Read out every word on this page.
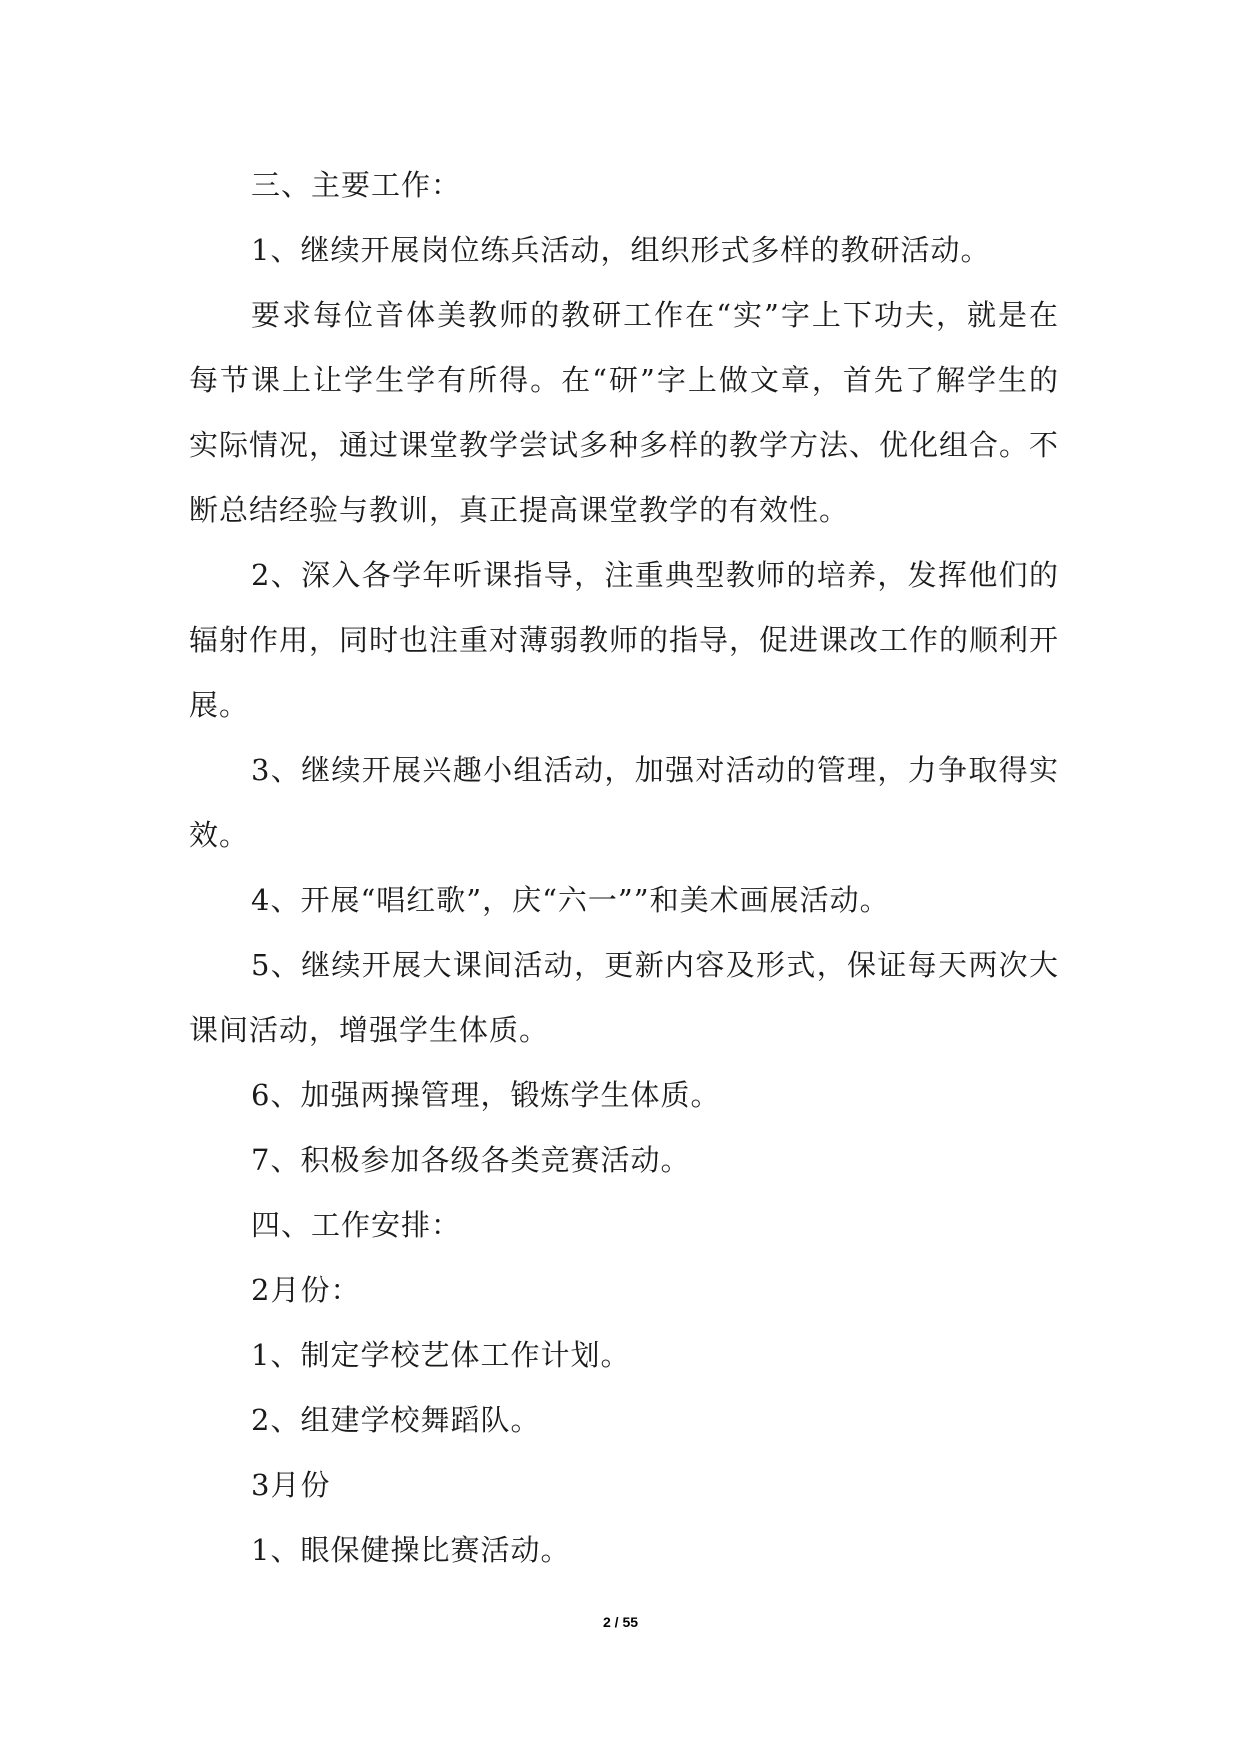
三、主要工作：

1、继续开展岗位练兵活动，组织形式多样的教研活动。

要求每位音体美教师的教研工作在“实”字上下功夫，就是在每节课上让学生学有所得。在“研”字上做文章，首先了解学生的实际情况，通过课堂教学尝试多种多样的教学方法、优化组合。不断总结经验与教训，真正提高课堂教学的有效性。

2、深入各学年听课指导，注重典型教师的培养，发挥他们的辐射作用，同时也注重对薄弱教师的指导，促进课改工作的顺利开展。

3、继续开展兴趣小组活动，加强对活动的管理，力争取得实效。

4、开展“唱红歌”，庆“六一””和美术画展活动。

5、继续开展大课间活动，更新内容及形式，保证每天两次大课间活动，增强学生体质。

6、加强两操管理，锻炼学生体质。

7、积极参加各级各类竞赛活动。

四、工作安排：

2月份：

1、制定学校艺体工作计划。

2、组建学校舞蹈队。

3月份

1、眼保健操比赛活动。

2 / 55
